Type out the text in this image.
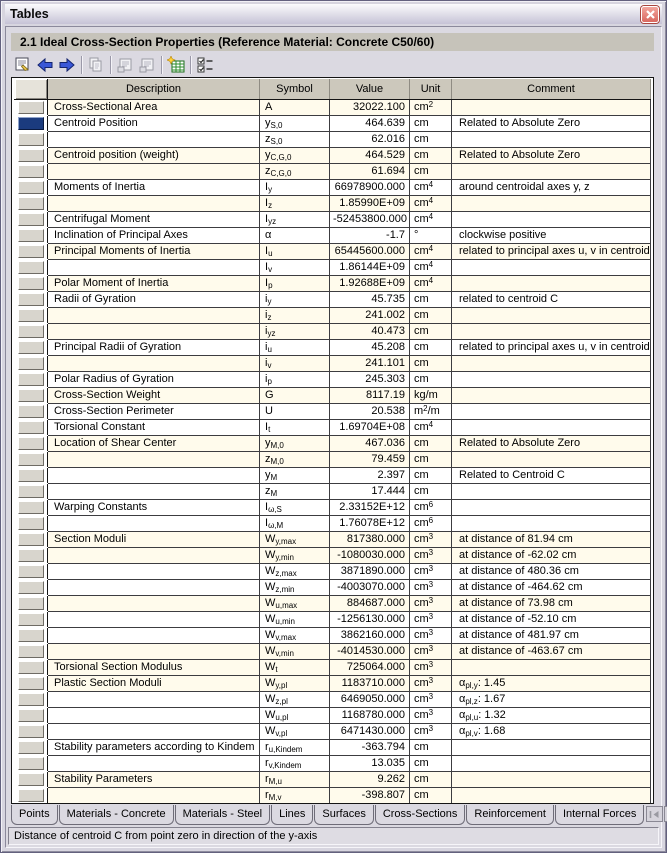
Tables
2.1 Ideal Cross-Section Properties (Reference Material: Concrete C50/60)
	Description	Symbol	Value	Unit	Comment

	Cross-Sectional Area	A	32022.100	$cm^2$	

	Centroid Position	$y_{S,0}$	464.639	cm	Related to Absolute Zero

		$z_{S,0}$	62.016	cm	

	Centroid position (weight)	$y_{C,G,0}$	464.529	cm	Related to Absolute Zero

		$z_{C,G,0}$	61.694	cm	

	Moments of Inertia	$I_y$	66978900.000	$cm^4$	around centroidal axes y, z

		$I_z$	1.85990E+09	$cm^4$	

	Centrifugal Moment	$I_{yz}$	-52453800.000	$cm^4$	

	Inclination of Principal Axes	α	-1.7	°	clockwise positive

	Principal Moments of Inertia	$I_u$	65445600.000	$cm^4$	related to principal axes u, v in centroid

		$I_v$	1.86144E+09	$cm^4$	

	Polar Moment of Inertia	$I_p$	1.92688E+09	$cm^4$	

	Radii of Gyration	$i_y$	45.735	cm	related to centroid C

		$i_z$	241.002	cm	

		$i_{yz}$	40.473	cm	

	Principal Radii of Gyration	$i_u$	45.208	cm	related to principal axes u, v in centroid

		$i_v$	241.101	cm	

	Polar Radius of Gyration	$i_p$	245.303	cm	

	Cross-Section Weight	G	8117.19	kg/m	

	Cross-Section Perimeter	U	20.538	$m^2/m$	

	Torsional Constant	$I_t$	1.69704E+08	$cm^4$	

	Location of Shear Center	$y_{M,0}$	467.036	cm	Related to Absolute Zero

		$z_{M,0}$	79.459	cm	

		$y_M$	2.397	cm	Related to Centroid C

		$z_M$	17.444	cm	

	Warping Constants	$I_{\omega,S}$	2.33152E+12	$cm^6$	

		$I_{\omega,M}$	1.76078E+12	$cm^6$	

	Section Moduli	$W_{y,max}$	817380.000	$cm^3$	at distance of 81.94 cm

		$W_{y,min}$	-1080030.000	$cm^3$	at distance of -62.02 cm

		$W_{z,max}$	3871890.000	$cm^3$	at distance of 480.36 cm

		$W_{z,min}$	-4003070.000	$cm^3$	at distance of -464.62 cm

		$W_{u,max}$	884687.000	$cm^3$	at distance of 73.98 cm

		$W_{u,min}$	-1256130.000	$cm^3$	at distance of -52.10 cm

		$W_{v,max}$	3862160.000	$cm^3$	at distance of 481.97 cm

		$W_{v,min}$	-4014530.000	$cm^3$	at distance of -463.67 cm

	Torsional Section Modulus	$W_t$	725064.000	$cm^3$	

	Plastic Section Moduli	$W_{y,pl}$	1183710.000	$cm^3$	$\alpha_{pl,y}$: 1.45

		$W_{z,pl}$	6469050.000	$cm^3$	$\alpha_{pl,z}$: 1.67

		$W_{u,pl}$	1168780.000	$cm^3$	$\alpha_{pl,u}$: 1.32

		$W_{v,pl}$	6471430.000	$cm^3$	$\alpha_{pl,v}$: 1.68

	Stability parameters according to Kindem	$r_{u,Kindem}$	-363.794	cm	

		$r_{v,Kindem}$	13.035	cm	

	Stability Parameters	$r_{M,u}$	9.262	cm	

		$r_{M,v}$	-398.807	cm	
Points	Materials - Concrete	Materials - Steel	Lines	Surfaces	Cross-Sections	Reinforcement	Internal Forces
Distance of centroid C from point zero in direction of the y-axis
